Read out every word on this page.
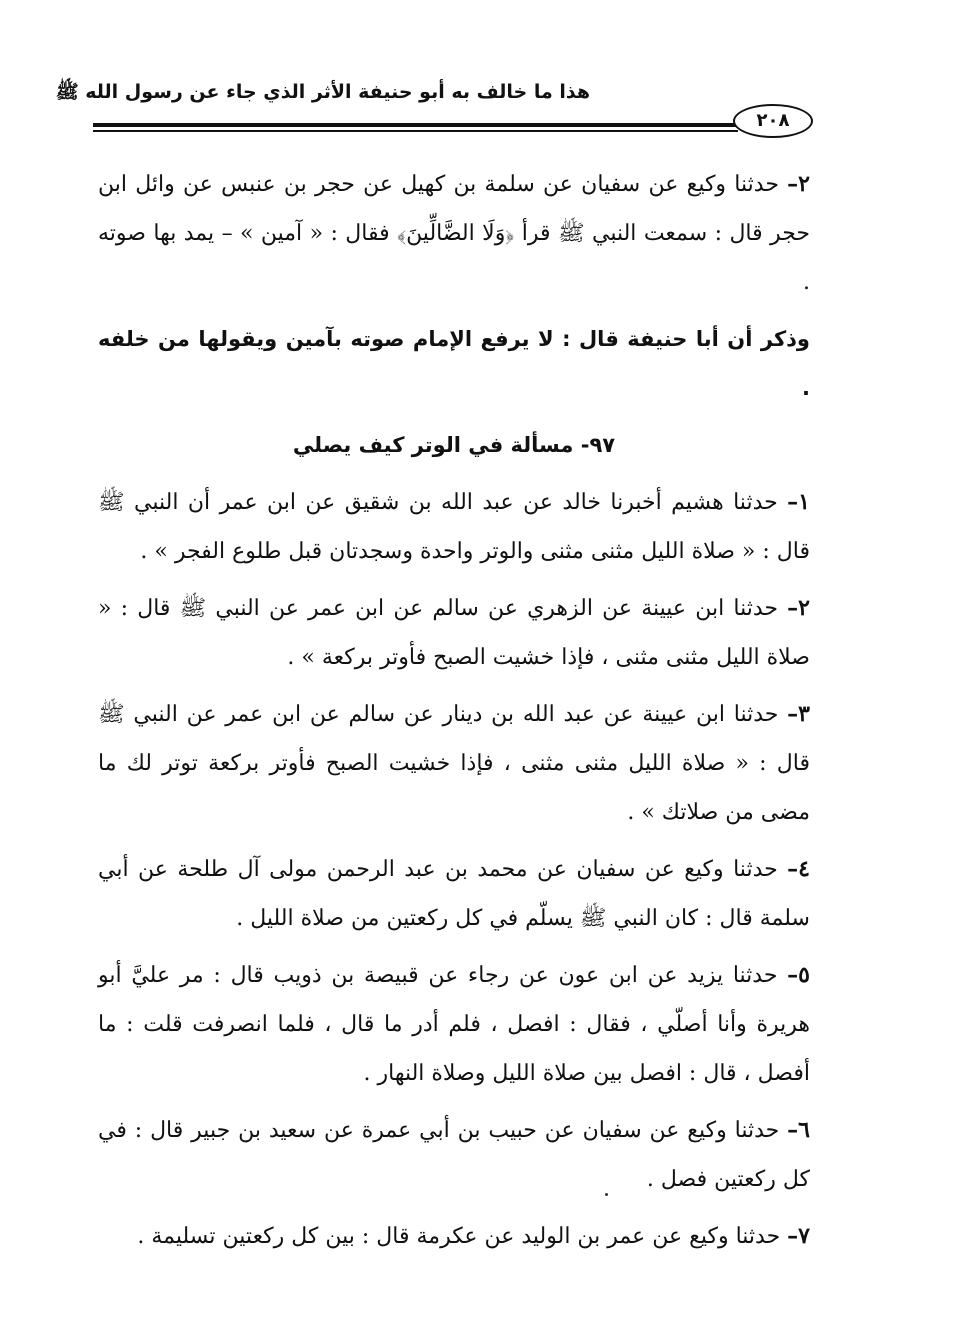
هذا ما خالف به أبو حنيفة الأثر الذي جاء عن رسول الله ﷺ
٢٠٨

٢– حدثنا وكيع عن سفيان عن سلمة بن كهيل عن حجر بن عنبس عن وائل ابن حجر قال : سمعت النبي ﷺ قرأ ﴿وَلَا الضَّالِّينَ﴾ فقال : « آمين » – يمد بها صوته .

وذكر أن أبا حنيفة قال : لا يرفع الإمام صوته بآمين ويقولها من خلفه .

٩٧- مسألة في الوتر كيف يصلي

١– حدثنا هشيم أخبرنا خالد عن عبد الله بن شقيق عن ابن عمر أن النبي ﷺ قال : « صلاة الليل مثنى مثنى والوتر واحدة وسجدتان قبل طلوع الفجر » .

٢– حدثنا ابن عيينة عن الزهري عن سالم عن ابن عمر عن النبي ﷺ قال : « صلاة الليل مثنى مثنى ، فإذا خشيت الصبح فأوتر بركعة » .

٣– حدثنا ابن عيينة عن عبد الله بن دينار عن سالم عن ابن عمر عن النبي ﷺ قال : « صلاة الليل مثنى مثنى ، فإذا خشيت الصبح فأوتر بركعة توتر لك ما مضى من صلاتك » .

٤– حدثنا وكيع عن سفيان عن محمد بن عبد الرحمن مولى آل طلحة عن أبي سلمة قال : كان النبي ﷺ يسلّم في كل ركعتين من صلاة الليل .

٥– حدثنا يزيد عن ابن عون عن رجاء عن قبيصة بن ذويب قال : مر عليَّ أبو هريرة وأنا أصلّي ، فقال : افصل ، فلم أدر ما قال ، فلما انصرفت قلت : ما أفصل ، قال : افصل بين صلاة الليل وصلاة النهار .

٦– حدثنا وكيع عن سفيان عن حبيب بن أبي عمرة عن سعيد بن جبير قال : في كل ركعتين فصل .

٧– حدثنا وكيع عن عمر بن الوليد عن عكرمة قال : بين كل ركعتين تسليمة .
